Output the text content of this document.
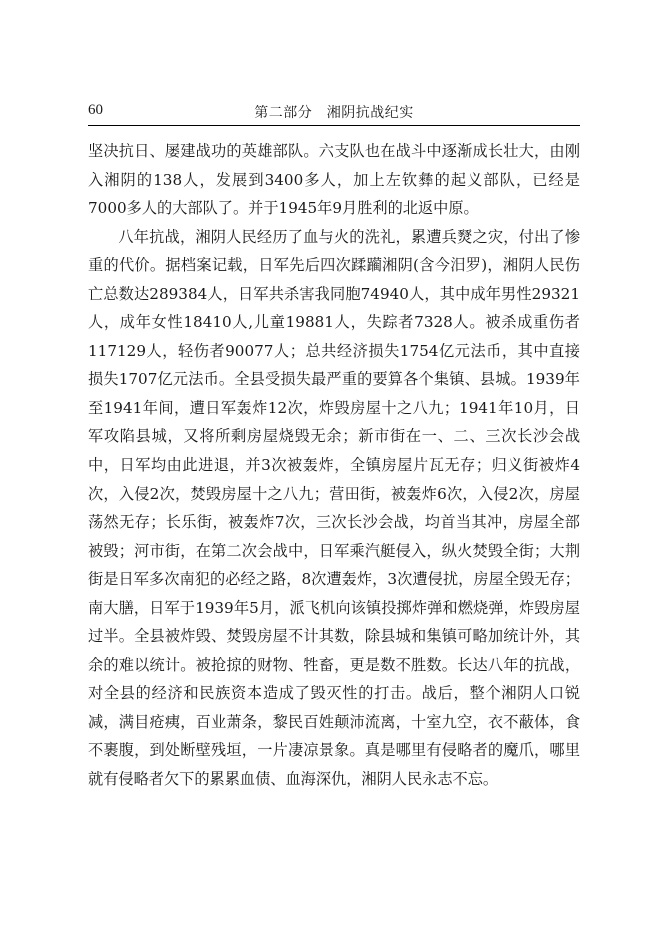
60	第二部分　湘阴抗战纪实

坚决抗日、屡建战功的英雄部队。六支队也在战斗中逐渐成长壮大，由刚入湘阴的138人，发展到3400多人，加上左钦彝的起义部队，已经是7000多人的大部队了。并于1945年9月胜利的北返中原。

八年抗战，湘阴人民经历了血与火的洗礼，累遭兵燹之灾，付出了惨重的代价。据档案记载，日军先后四次蹂躏湘阴(含今汨罗)，湘阴人民伤亡总数达289384人，日军共杀害我同胞74940人，其中成年男性29321人，成年女性18410人,儿童19881人，失踪者7328人。被杀成重伤者117129人，轻伤者90077人；总共经济损失1754亿元法币，其中直接损失1707亿元法币。全县受损失最严重的要算各个集镇、县城。1939年至1941年间，遭日军轰炸12次，炸毁房屋十之八九；1941年10月，日军攻陷县城，又将所剩房屋烧毁无余；新市街在一、二、三次长沙会战中，日军均由此进退，并3次被轰炸，全镇房屋片瓦无存；归义街被炸4次，入侵2次，焚毁房屋十之八九；营田街，被轰炸6次，入侵2次，房屋荡然无存；长乐街，被轰炸7次，三次长沙会战，均首当其冲，房屋全部被毁；河市街，在第二次会战中，日军乘汽艇侵入，纵火焚毁全街；大荆街是日军多次南犯的必经之路，8次遭轰炸，3次遭侵扰，房屋全毁无存；南大膳，日军于1939年5月，派飞机向该镇投掷炸弹和燃烧弹，炸毁房屋过半。全县被炸毁、焚毁房屋不计其数，除县城和集镇可略加统计外，其余的难以统计。被抢掠的财物、牲畜，更是数不胜数。长达八年的抗战，对全县的经济和民族资本造成了毁灭性的打击。战后，整个湘阴人口锐减，满目疮痍，百业萧条，黎民百姓颠沛流离，十室九空，衣不蔽体，食不裹腹，到处断壁残垣，一片凄凉景象。真是哪里有侵略者的魔爪，哪里就有侵略者欠下的累累血债、血海深仇，湘阴人民永志不忘。
